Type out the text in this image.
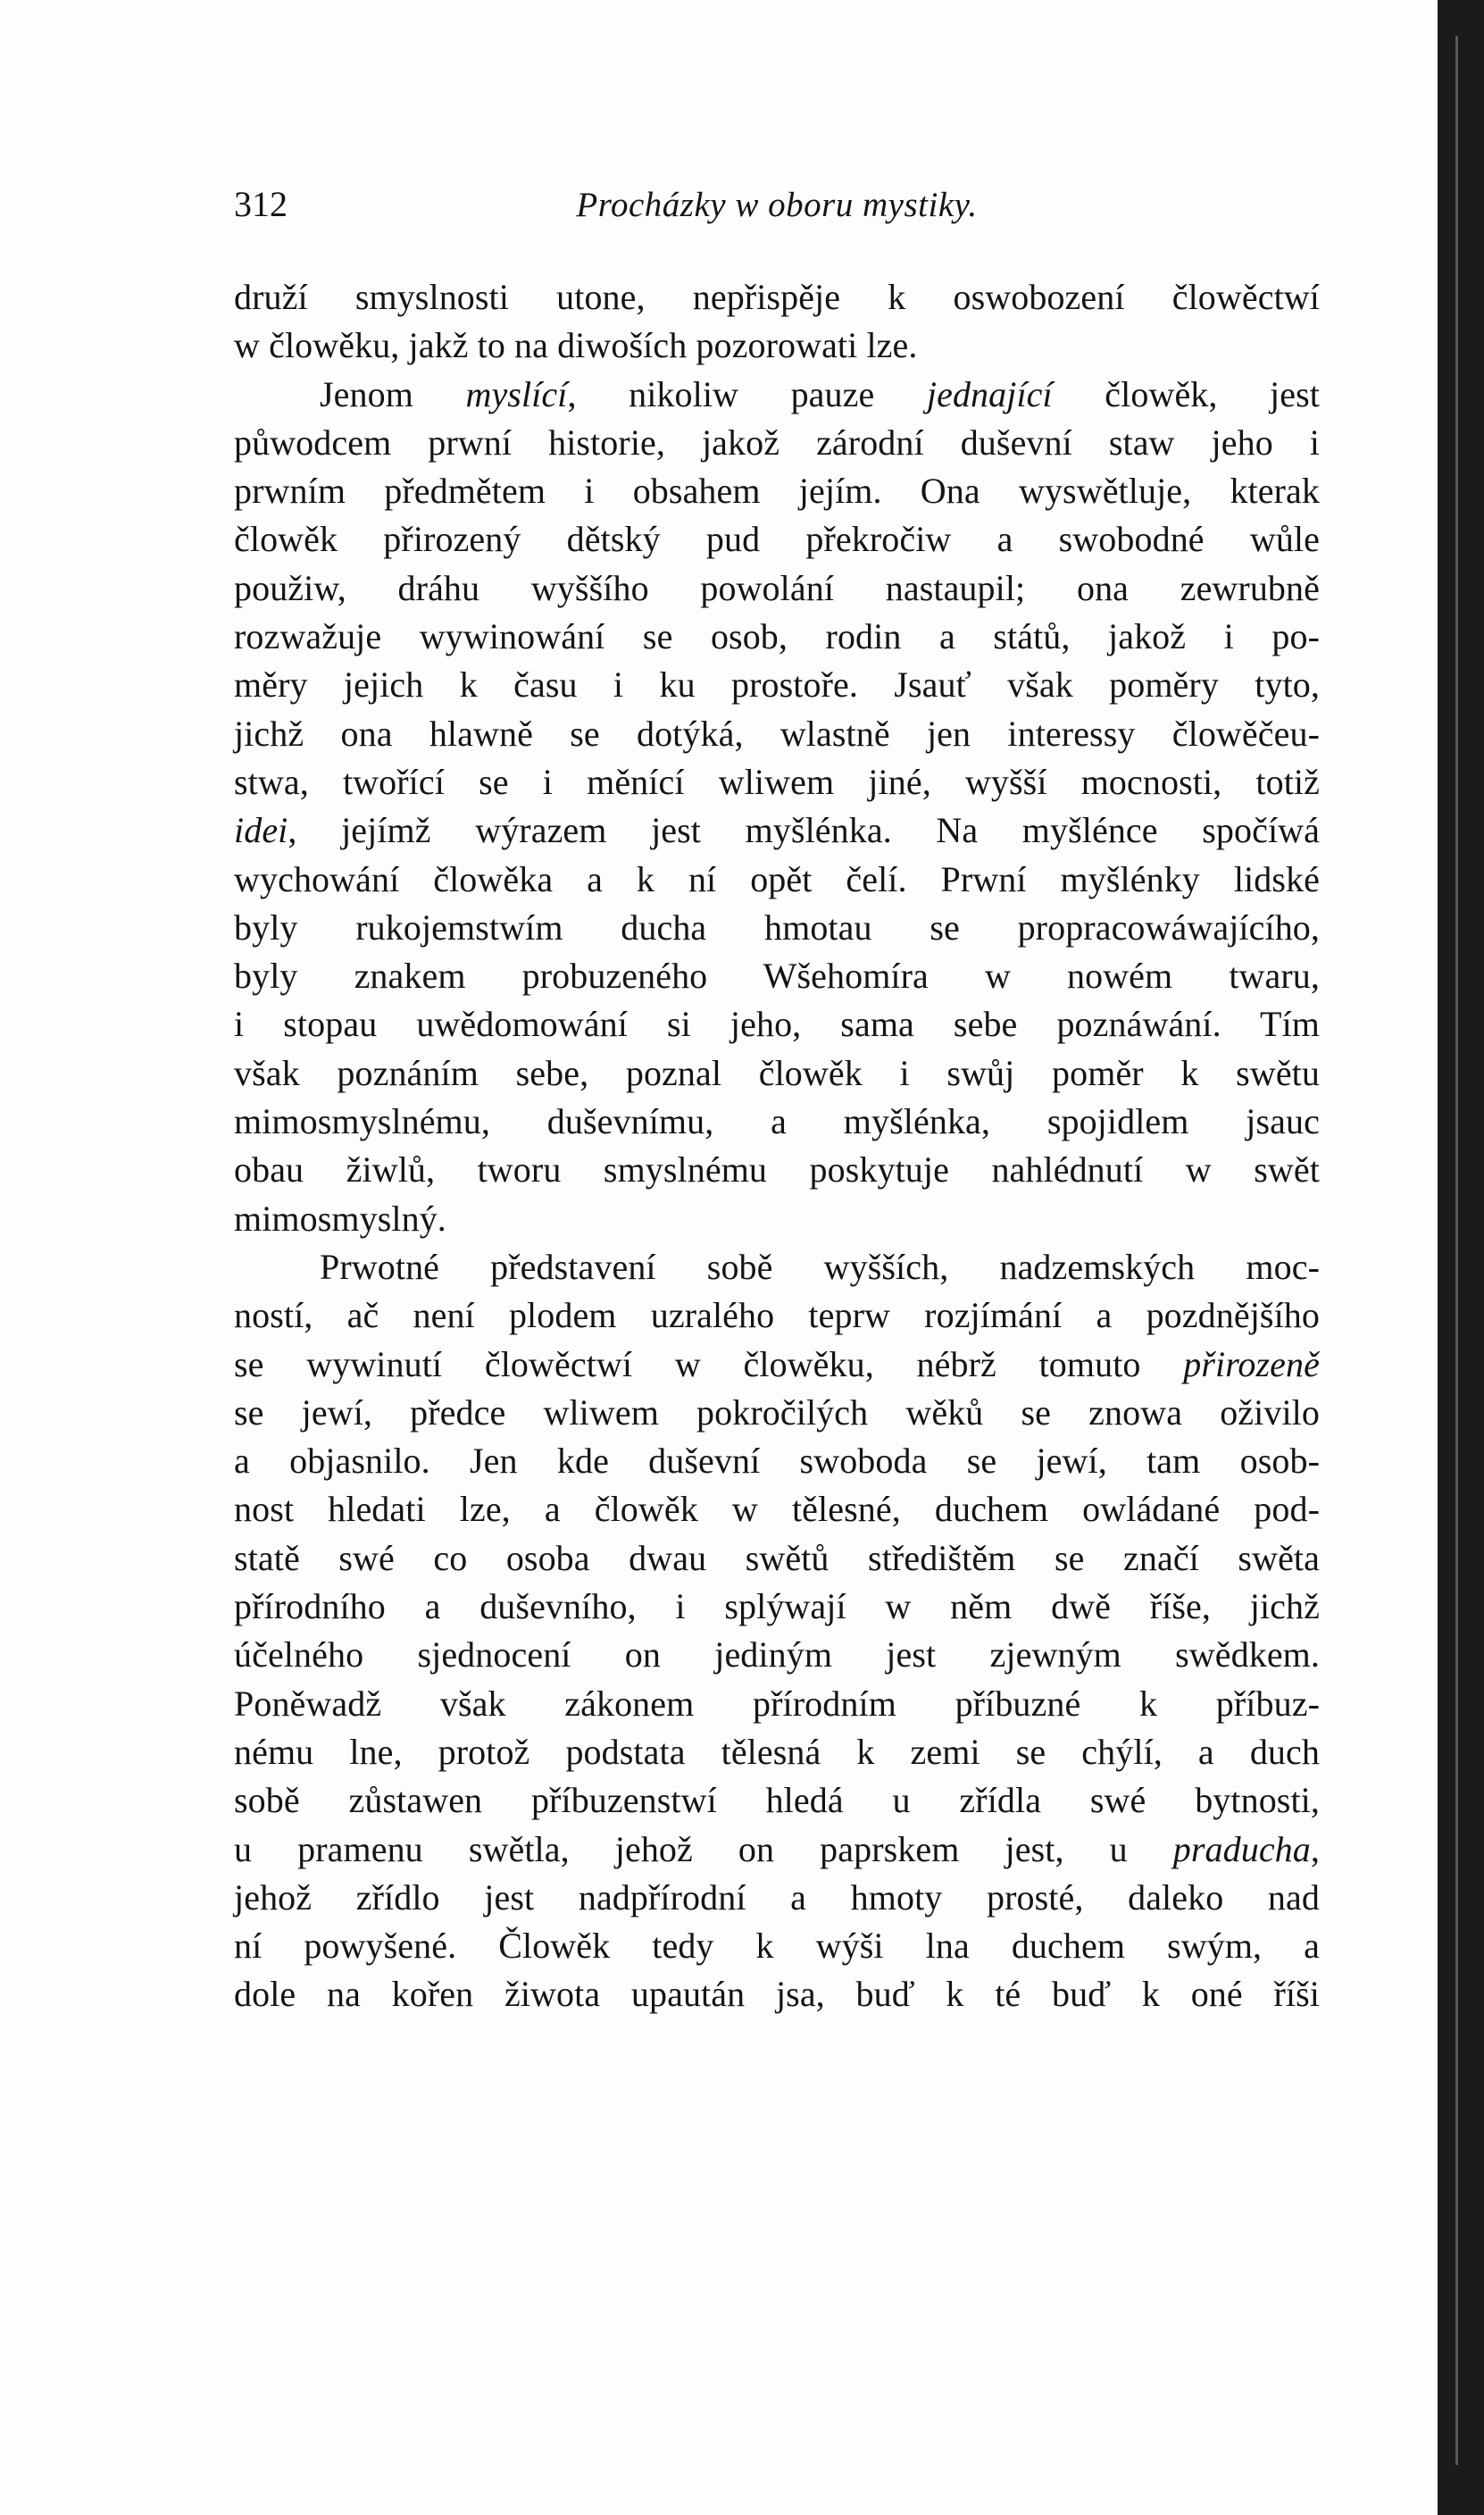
312	Procházky w oboru mystiky.
druží smyslnosti utone, nepřispěje k oswobození člowěctwí
w člowěku, jakž to na diwoších pozorowati lze.
Jenom myslící, nikoliw pauze jednající člowěk, jest
půwodcem prwní historie, jakož zárodní duševní staw jeho i
prwním předmětem i obsahem jejím. Ona wyswětluje, kterak
člowěk přirozený dětský pud překročiw a swobodné wůle
použiw, dráhu wyššího powolání nastaupil; ona zewrubně
rozwažuje wywinowání se osob, rodin a států, jakož i po-
měry jejich k času i ku prostoře. Jsauť však poměry tyto,
jichž ona hlawně se dotýká, wlastně jen interessy člowěčeu-
stwa, twořící se i měnící wliwem jiné, wyšší mocnosti, totiž
idei, jejímž wýrazem jest myšlénka. Na myšlénce spočíwá
wychowání člowěka a k ní opět čelí. Prwní myšlénky lidské
byly rukojemstwím ducha hmotau se propracowáwajícího,
byly znakem probuzeného Wšehomíra w nowém twaru,
i stopau uwědomowání si jeho, sama sebe poznáwání. Tím
však poznáním sebe, poznal člowěk i swůj poměr k swětu
mimosmyslnému, duševnímu, a myšlénka, spojidlem jsauc
obau žiwlů, tworu smyslnému poskytuje nahlédnutí w swět
mimosmyslný.
Prwotné představení sobě wyšších, nadzemských moc-
ností, ač není plodem uzralého teprw rozjímání a pozdnějšího
se wywinutí člowěctwí w člowěku, nébrž tomuto přirozeně
se jewí, předce wliwem pokročilých wěků se znowa oživilo
a objasnilo. Jen kde duševní swoboda se jewí, tam osob-
nost hledati lze, a člowěk w tělesné, duchem owládané pod-
statě swé co osoba dwau swětů středištěm se značí swěta
přírodního a duševního, i splýwají w něm dwě říše, jichž
účelného sjednocení on jediným jest zjewným swědkem.
Poněwadž však zákonem přírodním příbuzné k příbuz-
nému lne, protož podstata tělesná k zemi se chýlí, a duch
sobě zůstawen příbuzenstwí hledá u zřídla swé bytnosti,
u pramenu swětla, jehož on paprskem jest, u praducha,
jehož zřídlo jest nadpřírodní a hmoty prosté, daleko nad
ní powyšené. Člowěk tedy k wýši lna duchem swým, a
dole na kořen žiwota upaután jsa, buď k té buď k oné říši
